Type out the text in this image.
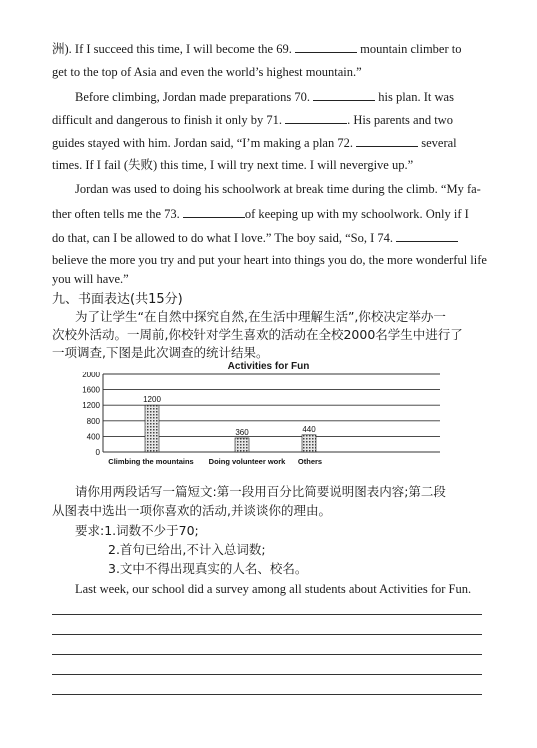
洲). If I succeed this time, I will become the 69.	mountain climber to
get to the top of Asia and even the world’s highest mountain.”
Before climbing, Jordan made preparations 70.	his plan. It was
difficult and dangerous to finish it only by 71.	. His parents and two
guides stayed with him. Jordan said, “I’m making a plan 72.	several
times. If I fail (失败) this time, I will try next time. I will nevergive up.”
Jordan was used to doing his schoolwork at break time during the climb. “My fa-
ther often tells me the 73.	of keeping up with my schoolwork. Only if I
do that, can I be allowed to do what I love.” The boy said, “So, I 74.
believe the more you try and put your heart into things you do, the more wonderful life
you will have.”
九、书面表达(共15分)
为了让学生“在自然中探究自然,在生活中理解生活”,你校决定举办一
次校外活动。一周前,你校针对学生喜欢的活动在全校2000名学生中进行了
一项调查,下图是此次调查的统计结果。
Activities for Fun
2000
1600
1200
800
400
0
1200
360	440
Climbing the mountains Doing volunteer work Others
请你用两段话写一篇短文:第一段用百分比简要说明图表内容;第二段
从图表中选出一项你喜欢的活动,并谈谈你的理由。
要求:1.词数不少于70;
2.首句已给出,不计入总词数;
3.文中不得出现真实的人名、校名。
Last week, our school did a survey among all students about Activities for Fun.
